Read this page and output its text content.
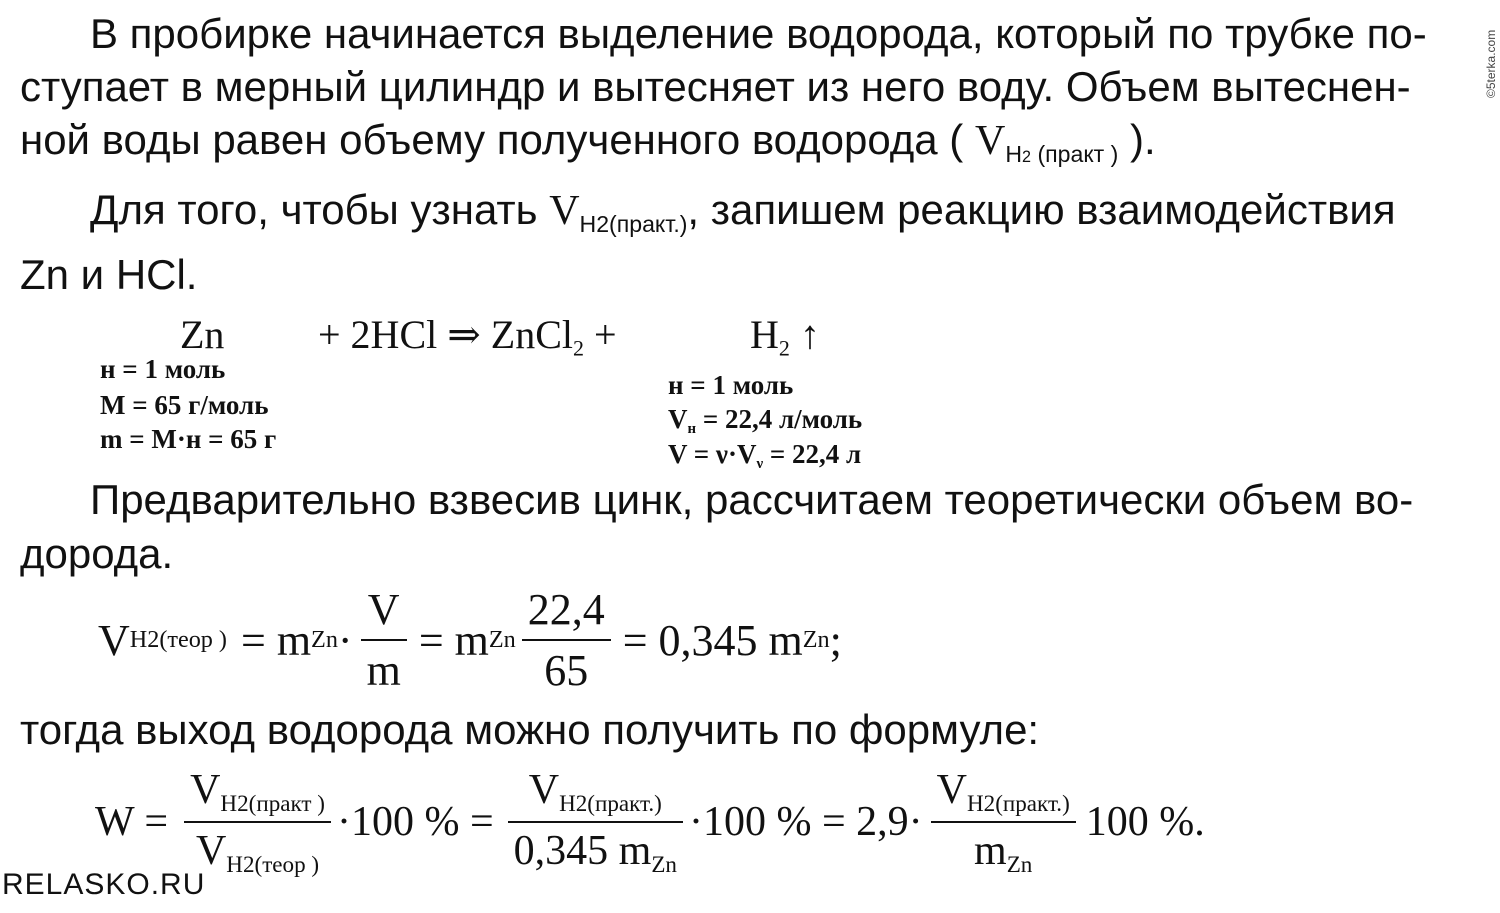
В пробирке начинается выделение водорода, который по трубке по-
ступает в мерный цилиндр и вытесняет из него воду. Объем вытеснен-
ной воды равен объему полученного водорода ( $V_{H2 (практ )}$ ).
Для того, чтобы узнать $V_{H2(практ.)}$, запишем реакцию взаимодействия
Zn и HCl.
Zn + 2HCl ⇒ ZnCl$_2$ +	$H_2$ ↑
н = 1 моль
M = 65 г/моль
m = M·н = 65 г
н = 1 моль
$V_н = 22,4$ л/моль
$V = \nu\cdot V_\nu = 22,4$ л
Предварительно взвесив цинк, рассчитаем теоретически объем во-
дорода.
V H2(теор ) = m $Zn \cdot \frac{V}{m} = m$ Zn $\frac{22,4}{65} = 0,345$ m Zn ;
тогда выход водорода можно получить по формуле:
$W = \frac{V_{H2(практ )}}{V_{H2(теор )}} \cdot 100$ % = $\frac{V_{H2(практ.)}}{0,345 m_{Zn}} \cdot 100$ % = $2,9\cdot \frac{V_{H2(практ.)}}{m_{Zn}} 100$ %.
RELASKO.RU
©5terka.com
